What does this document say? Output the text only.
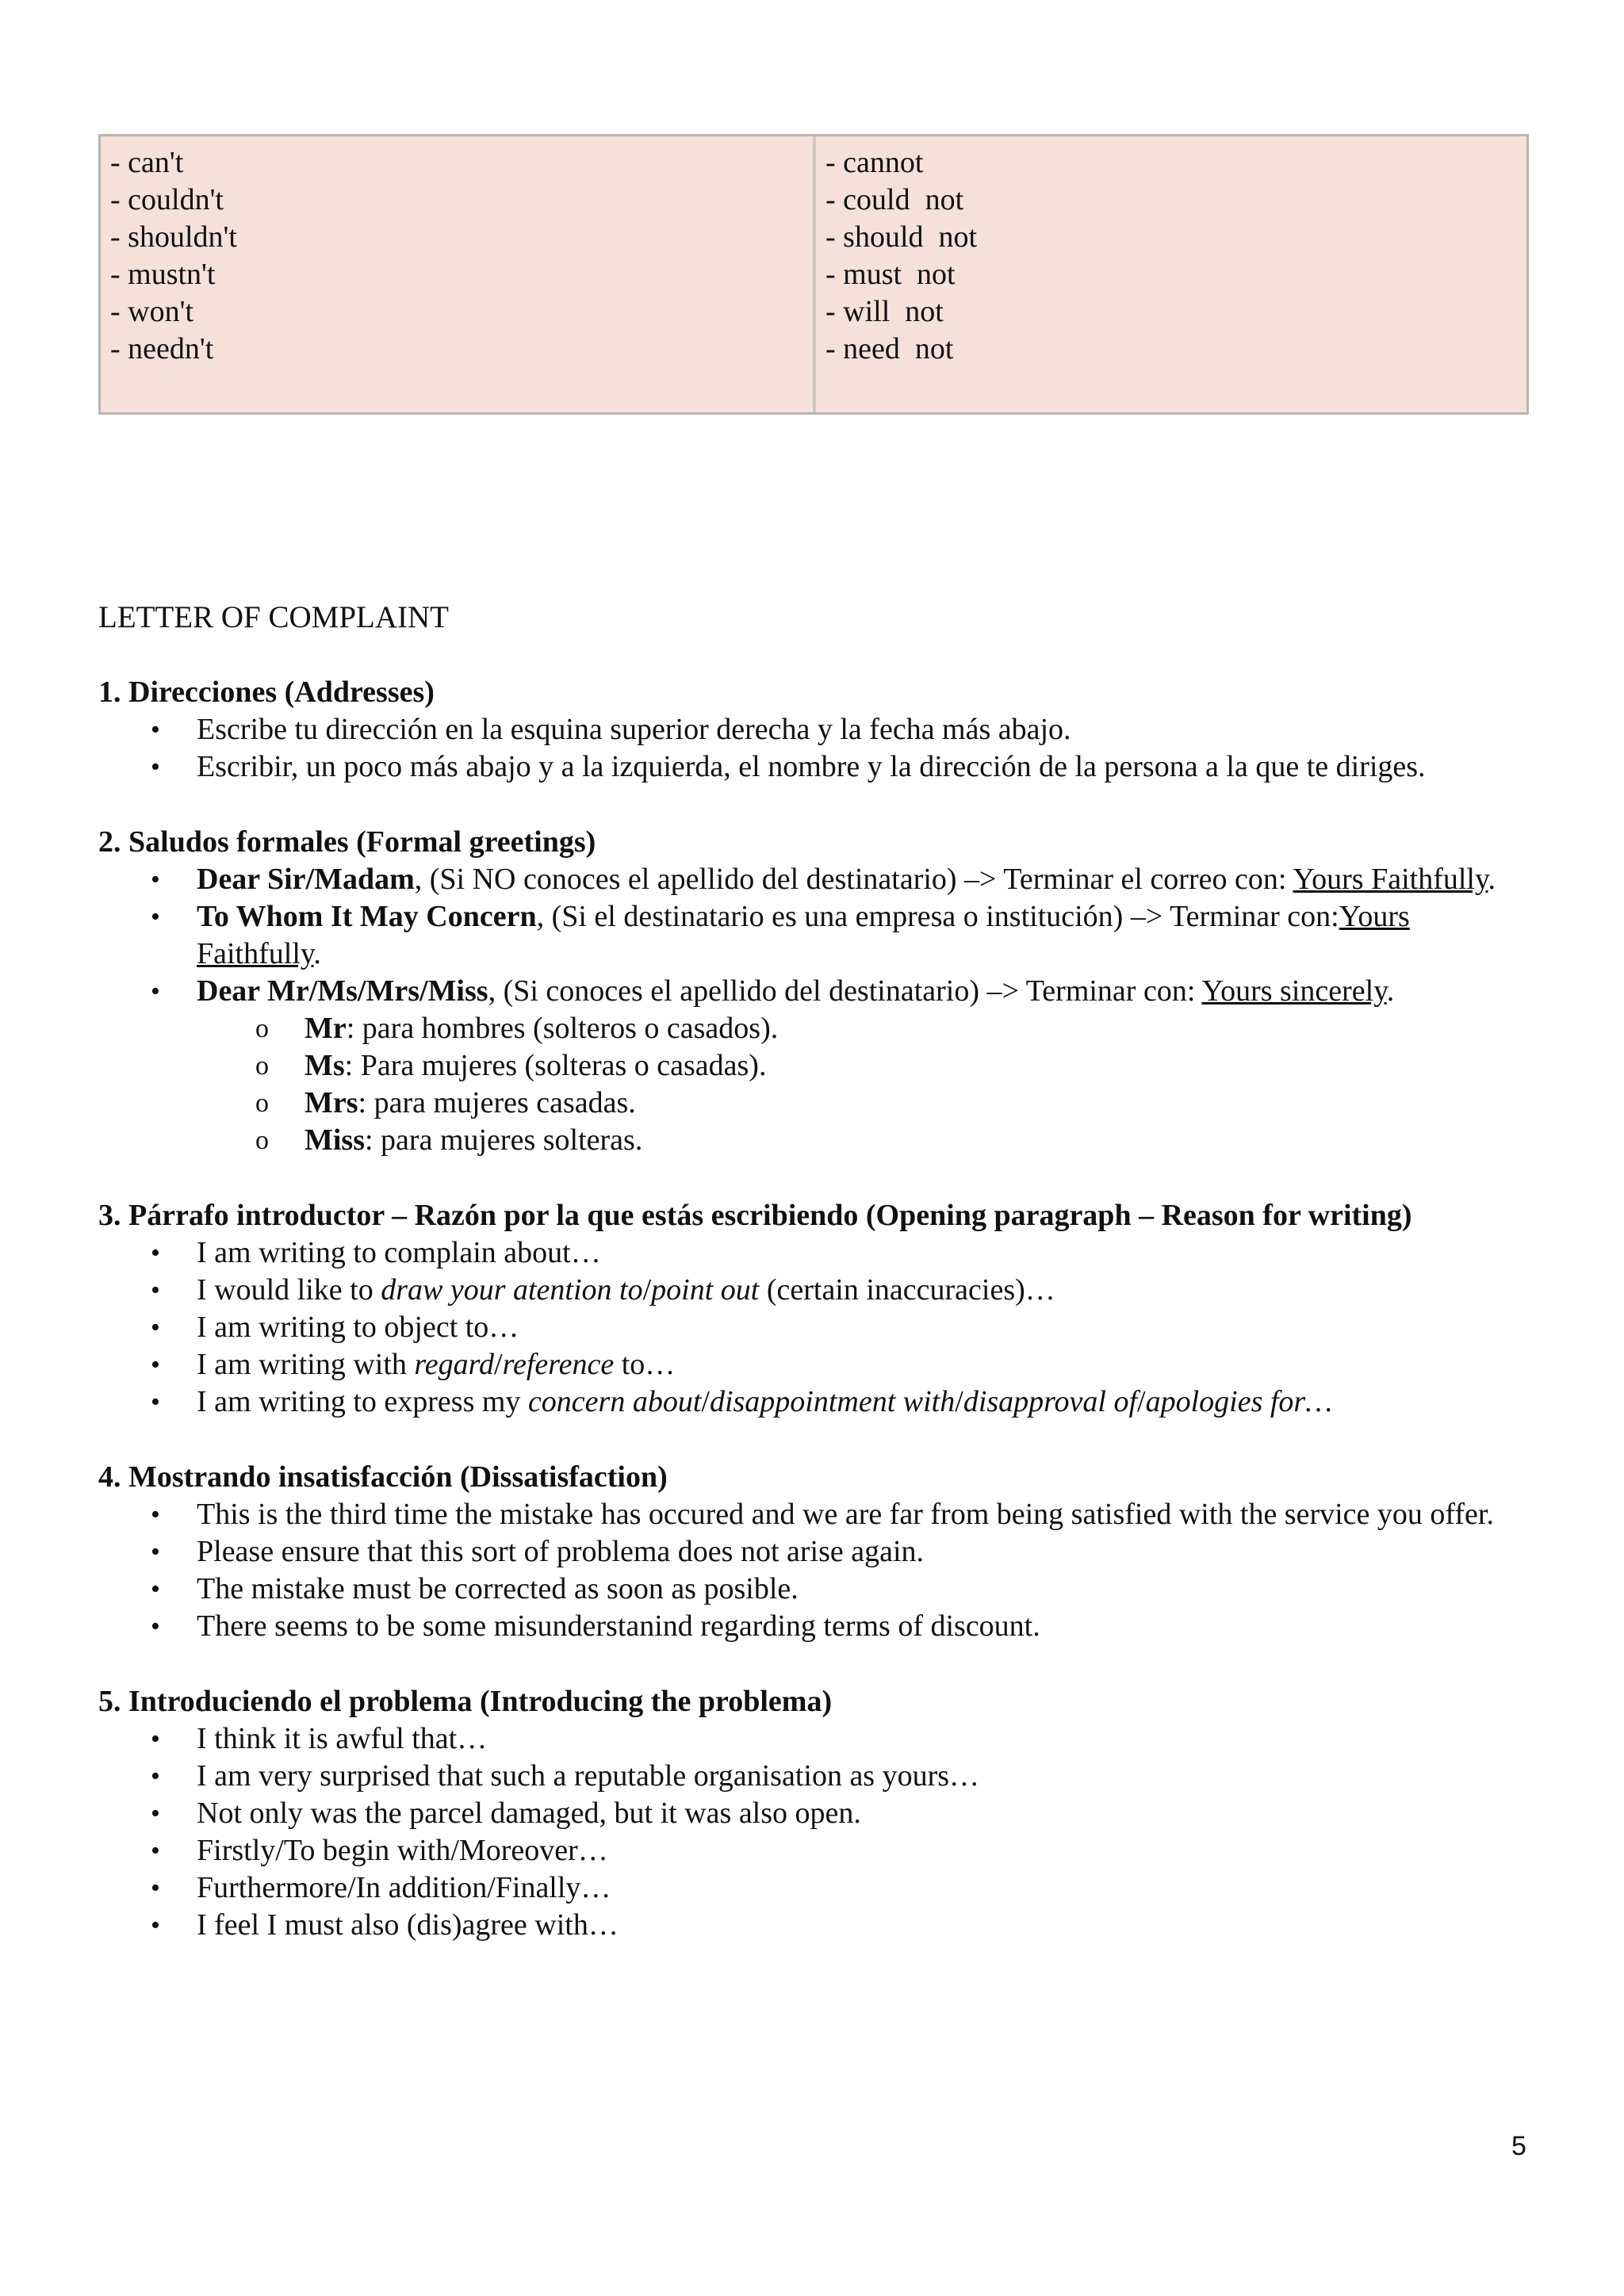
- can't
- couldn't
- shouldn't
- mustn't
- won't
- needn't
- cannot
- could  not
- should  not
- must  not
- will  not
- need  not
LETTER OF COMPLAINT
1. Direcciones (Addresses)
• Escribe tu dirección en la esquina superior derecha y la fecha más abajo.
• Escribir, un poco más abajo y a la izquierda, el nombre y la dirección de la persona a la que te diriges.
2. Saludos formales (Formal greetings)
• Dear Sir/Madam, (Si NO conoces el apellido del destinatario) –> Terminar el correo con: Yours Faithfully.
• To Whom It May Concern, (Si el destinatario es una empresa o institución) –> Terminar con:Yours Faithfully.
• Dear Mr/Ms/Mrs/Miss, (Si conoces el apellido del destinatario) –> Terminar con: Yours sincerely.
o Mr: para hombres (solteros o casados).
o Ms: Para mujeres (solteras o casadas).
o Mrs: para mujeres casadas.
o Miss: para mujeres solteras.
3. Párrafo introductor – Razón por la que estás escribiendo (Opening paragraph – Reason for writing)
• I am writing to complain about…
• I would like to draw your atention to/point out (certain inaccuracies)…
• I am writing to object to…
• I am writing with regard/reference to…
• I am writing to express my concern about/disappointment with/disapproval of/apologies for…
4. Mostrando insatisfacción (Dissatisfaction)
• This is the third time the mistake has occured and we are far from being satisfied with the service you offer.
• Please ensure that this sort of problema does not arise again.
• The mistake must be corrected as soon as posible.
• There seems to be some misunderstanind regarding terms of discount.
5. Introduciendo el problema (Introducing the problema)
• I think it is awful that…
• I am very surprised that such a reputable organisation as yours…
• Not only was the parcel damaged, but it was also open.
• Firstly/To begin with/Moreover…
• Furthermore/In addition/Finally…
• I feel I must also (dis)agree with…
5
